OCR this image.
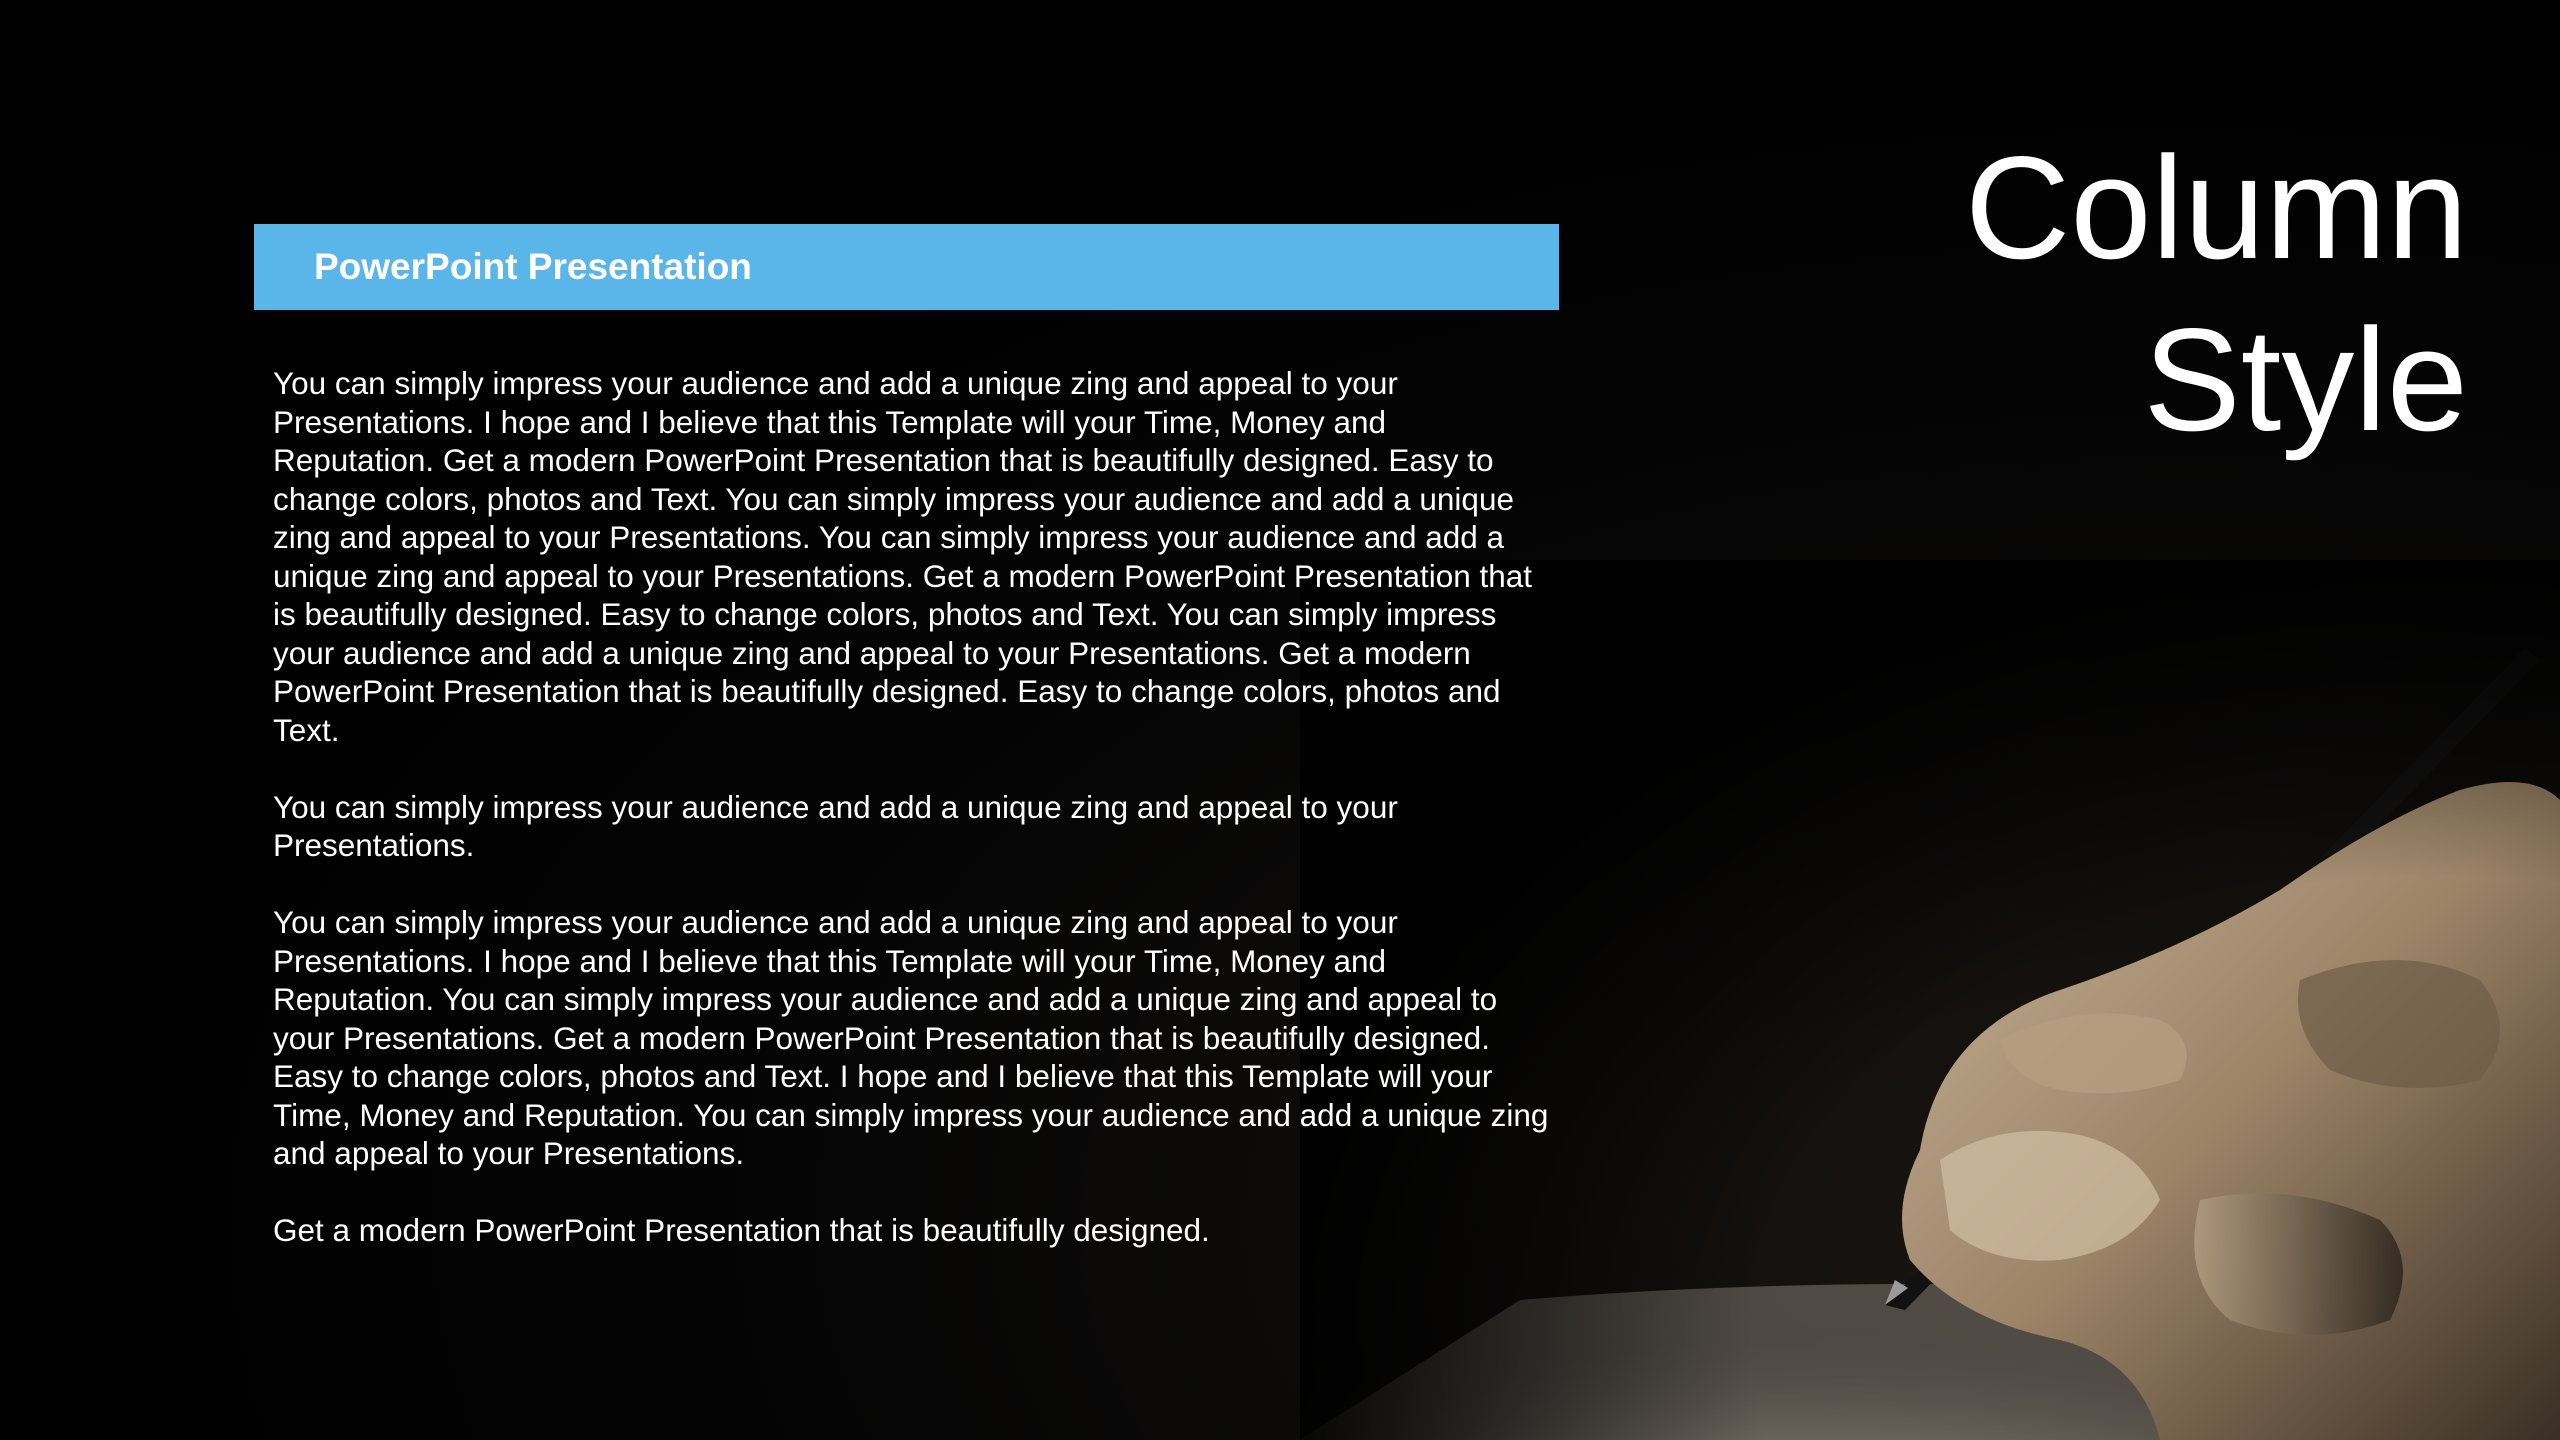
PowerPoint Presentation

You can simply impress your audience and add a unique zing and appeal to your Presentations. I hope and I believe that this Template will your Time, Money and Reputation. Get a modern PowerPoint Presentation that is beautifully designed. Easy to change colors, photos and Text. You can simply impress your audience and add a unique zing and appeal to your Presentations. You can simply impress your audience and add a unique zing and appeal to your Presentations. Get a modern PowerPoint Presentation that is beautifully designed. Easy to change colors, photos and Text. You can simply impress your audience and add a unique zing and appeal to your Presentations. Get a modern PowerPoint Presentation that is beautifully designed. Easy to change colors, photos and Text.

You can simply impress your audience and add a unique zing and appeal to your Presentations.

You can simply impress your audience and add a unique zing and appeal to your Presentations. I hope and I believe that this Template will your Time, Money and Reputation. You can simply impress your audience and add a unique zing and appeal to your Presentations. Get a modern PowerPoint Presentation that is beautifully designed. Easy to change colors, photos and Text. I hope and I believe that this Template will your Time, Money and Reputation. You can simply impress your audience and add a unique zing and appeal to your Presentations.

Get a modern PowerPoint Presentation that is beautifully designed.

Column
Style
